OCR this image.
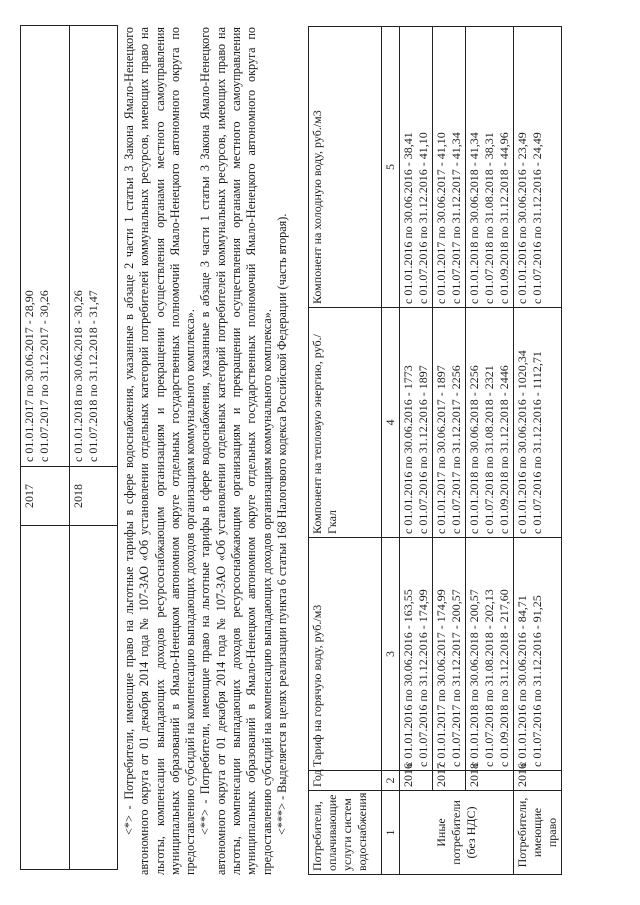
	2017	с 01.01.2017 по 30.06.2017 - 28,90 с 01.07.2017 по 31.12.2017 - 30,26

	2018	с 01.01.2018 по 30.06.2018 - 30,26 с 01.07.2018 по 31.12.2018 - 31,47 <*> - Потребители, имеющие право на льготные тарифы в сфере водоснабжения, указанные в абзаце 2 части 1 статьи 3 Закона Ямало-Ненецкого автономного округа от 01 декабря 2014 года № 107-ЗАО «Об установлении отдельных категорий потребителей коммунальных ресурсов, имеющих право на льготы, компенсации выпадающих доходов ресурсоснабжающим организациям и прекращении осуществления органами местного самоуправления муниципальных образований в Ямало-Ненецком автономном округе отдельных государственных полномочий Ямало-Ненецкого автономного округа по предоставлению субсидий на компенсацию выпадающих доходов организациям коммунального комплекса». <**> - Потребители, имеющие право на льготные тарифы в сфере водоснабжения, указанные в абзаце 3 части 1 статьи 3 Закона Ямало-Ненецкого автономного округа от 01 декабря 2014 года № 107-ЗАО «Об установлении отдельных категорий потребителей коммунальных ресурсов, имеющих право на льготы, компенсации выпадающих доходов ресурсоснабжающим организациям и прекращении осуществления органами местного самоуправления муниципальных образований в Ямало-Ненецком автономном округе отдельных государственных полномочий Ямало-Ненецкого автономного округа по предоставлению субсидий на компенсацию выпадающих доходов организациям коммунального комплекса». <***> - Выделяется в целях реализации пункта 6 статьи 168 Налогового кодекса Российской Федерации (часть вторая).

Потребители, оплачивающие услуги систем водоснабжения	Год	Тариф на горячую воду, руб./м3	Компонент на тепловую энергию, руб./Гкал	Компонент на холодную воду, руб./м3
1	2	3	4	5
Иные потребители (без НДС)	2016	с 01.01.2016 по 30.06.2016 - 163,55 с 01.07.2016 по 31.12.2016 - 174,99	с 01.01.2016 по 30.06.2016 - 1773 с 01.07.2016 по 31.12.2016 - 1897	с 01.01.2016 по 30.06.2016 - 38,41 с 01.07.2016 по 31.12.2016 - 41,10

	2017	с 01.01.2017 по 30.06.2017 - 174,99 с 01.07.2017 по 31.12.2017 - 200,57	с 01.01.2017 по 30.06.2017 - 1897 с 01.07.2017 по 31.12.2017 - 2256	с 01.01.2017 по 30.06.2017 - 41,10 с 01.07.2017 по 31.12.2017 - 41,34

	2018	с 01.01.2018 по 30.06.2018 - 200,57 с 01.07.2018 по 31.08.2018 - 202,13 с 01.09.2018 по 31.12.2018 - 217,60	с 01.01.2018 по 30.06.2018 - 2256 с 01.07.2018 по 31.08.2018 - 2321 с 01.09.2018 по 31.12.2018 - 2446	с 01.01.2018 по 30.06.2018 - 41,34 с 01.07.2018 по 31.08.2018 - 38,31 с 01.09.2018 по 31.12.2018 - 44,96

Потребители, имеющие право	2016	с 01.01.2016 по 30.06.2016 - 84,71 с 01.07.2016 по 31.12.2016 - 91,25	с 01.01.2016 по 30.06.2016 - 1020,34 с 01.07.2016 по 31.12.2016 - 1112,71	с 01.01.2016 по 30.06.2016 - 23,49 с 01.07.2016 по 31.12.2016 - 24,49
